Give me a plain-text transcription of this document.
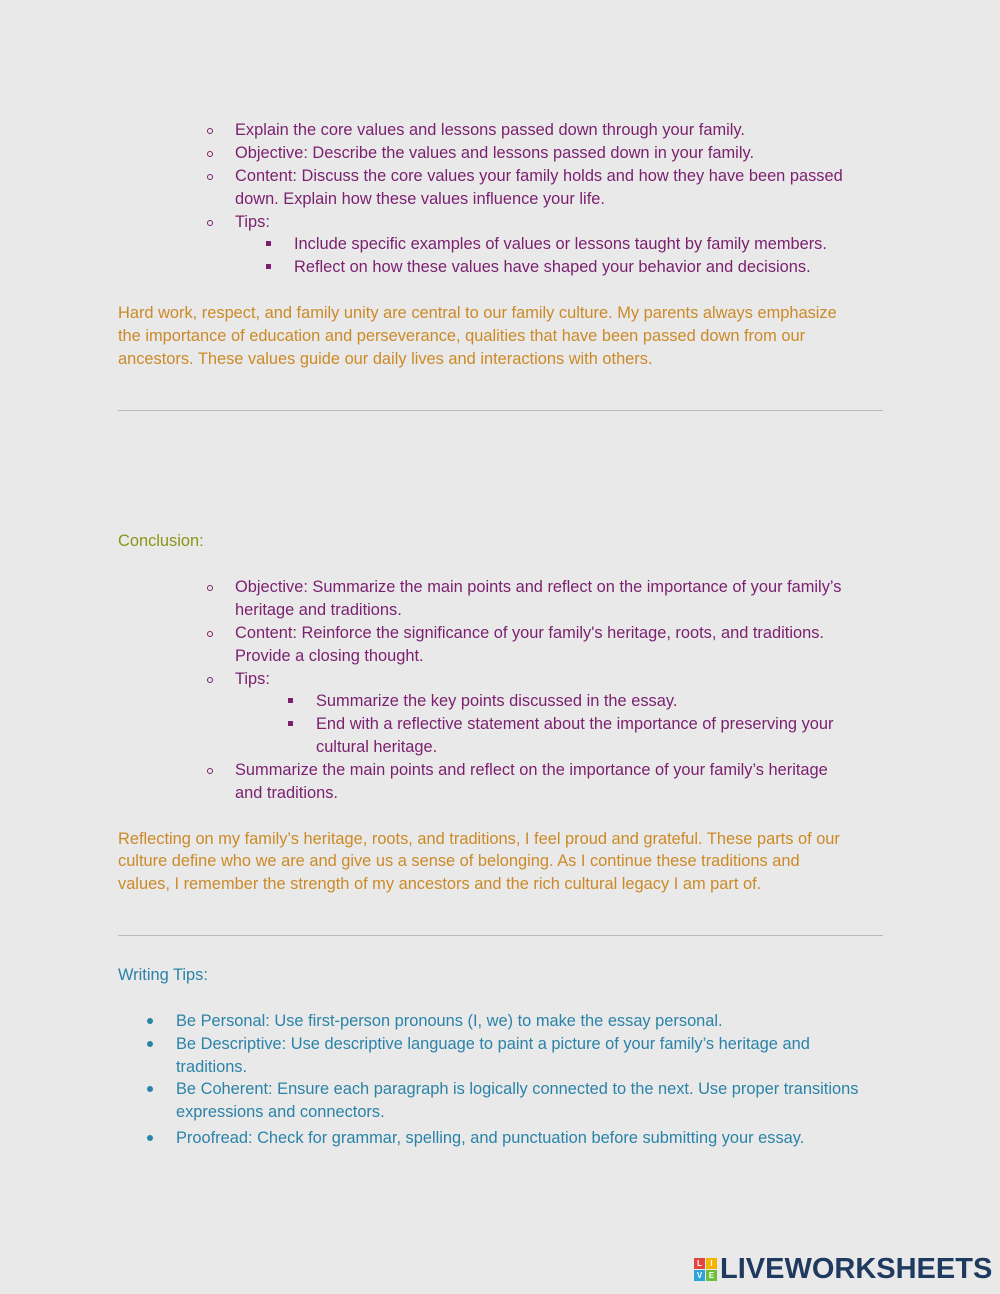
Explain the core values and lessons passed down through your family.
Objective: Describe the values and lessons passed down in your family.
Content: Discuss the core values your family holds and how they have been passed
down. Explain how these values influence your life.
Tips:
Include specific examples of values or lessons taught by family members.
Reflect on how these values have shaped your behavior and decisions.
Hard work, respect, and family unity are central to our family culture. My parents always emphasize
the importance of education and perseverance, qualities that have been passed down from our
ancestors. These values guide our daily lives and interactions with others.
Conclusion:
Objective: Summarize the main points and reflect on the importance of your family’s
heritage and traditions.
Content: Reinforce the significance of your family's heritage, roots, and traditions.
Provide a closing thought.
Tips:
Summarize the key points discussed in the essay.
End with a reflective statement about the importance of preserving your
cultural heritage.
Summarize the main points and reflect on the importance of your family’s heritage
and traditions.
Reflecting on my family’s heritage, roots, and traditions, I feel proud and grateful. These parts of our
culture define who we are and give us a sense of belonging. As I continue these traditions and
values, I remember the strength of my ancestors and the rich cultural legacy I am part of.
Writing Tips:
Be Personal: Use first-person pronouns (I, we) to make the essay personal.
Be Descriptive: Use descriptive language to paint a picture of your family’s heritage and
traditions.
Be Coherent: Ensure each paragraph is logically connected to the next. Use proper transitions
expressions and connectors.
Proofread: Check for grammar, spelling, and punctuation before submitting your essay.
L	I
V E LIVEWORKSHEETS
